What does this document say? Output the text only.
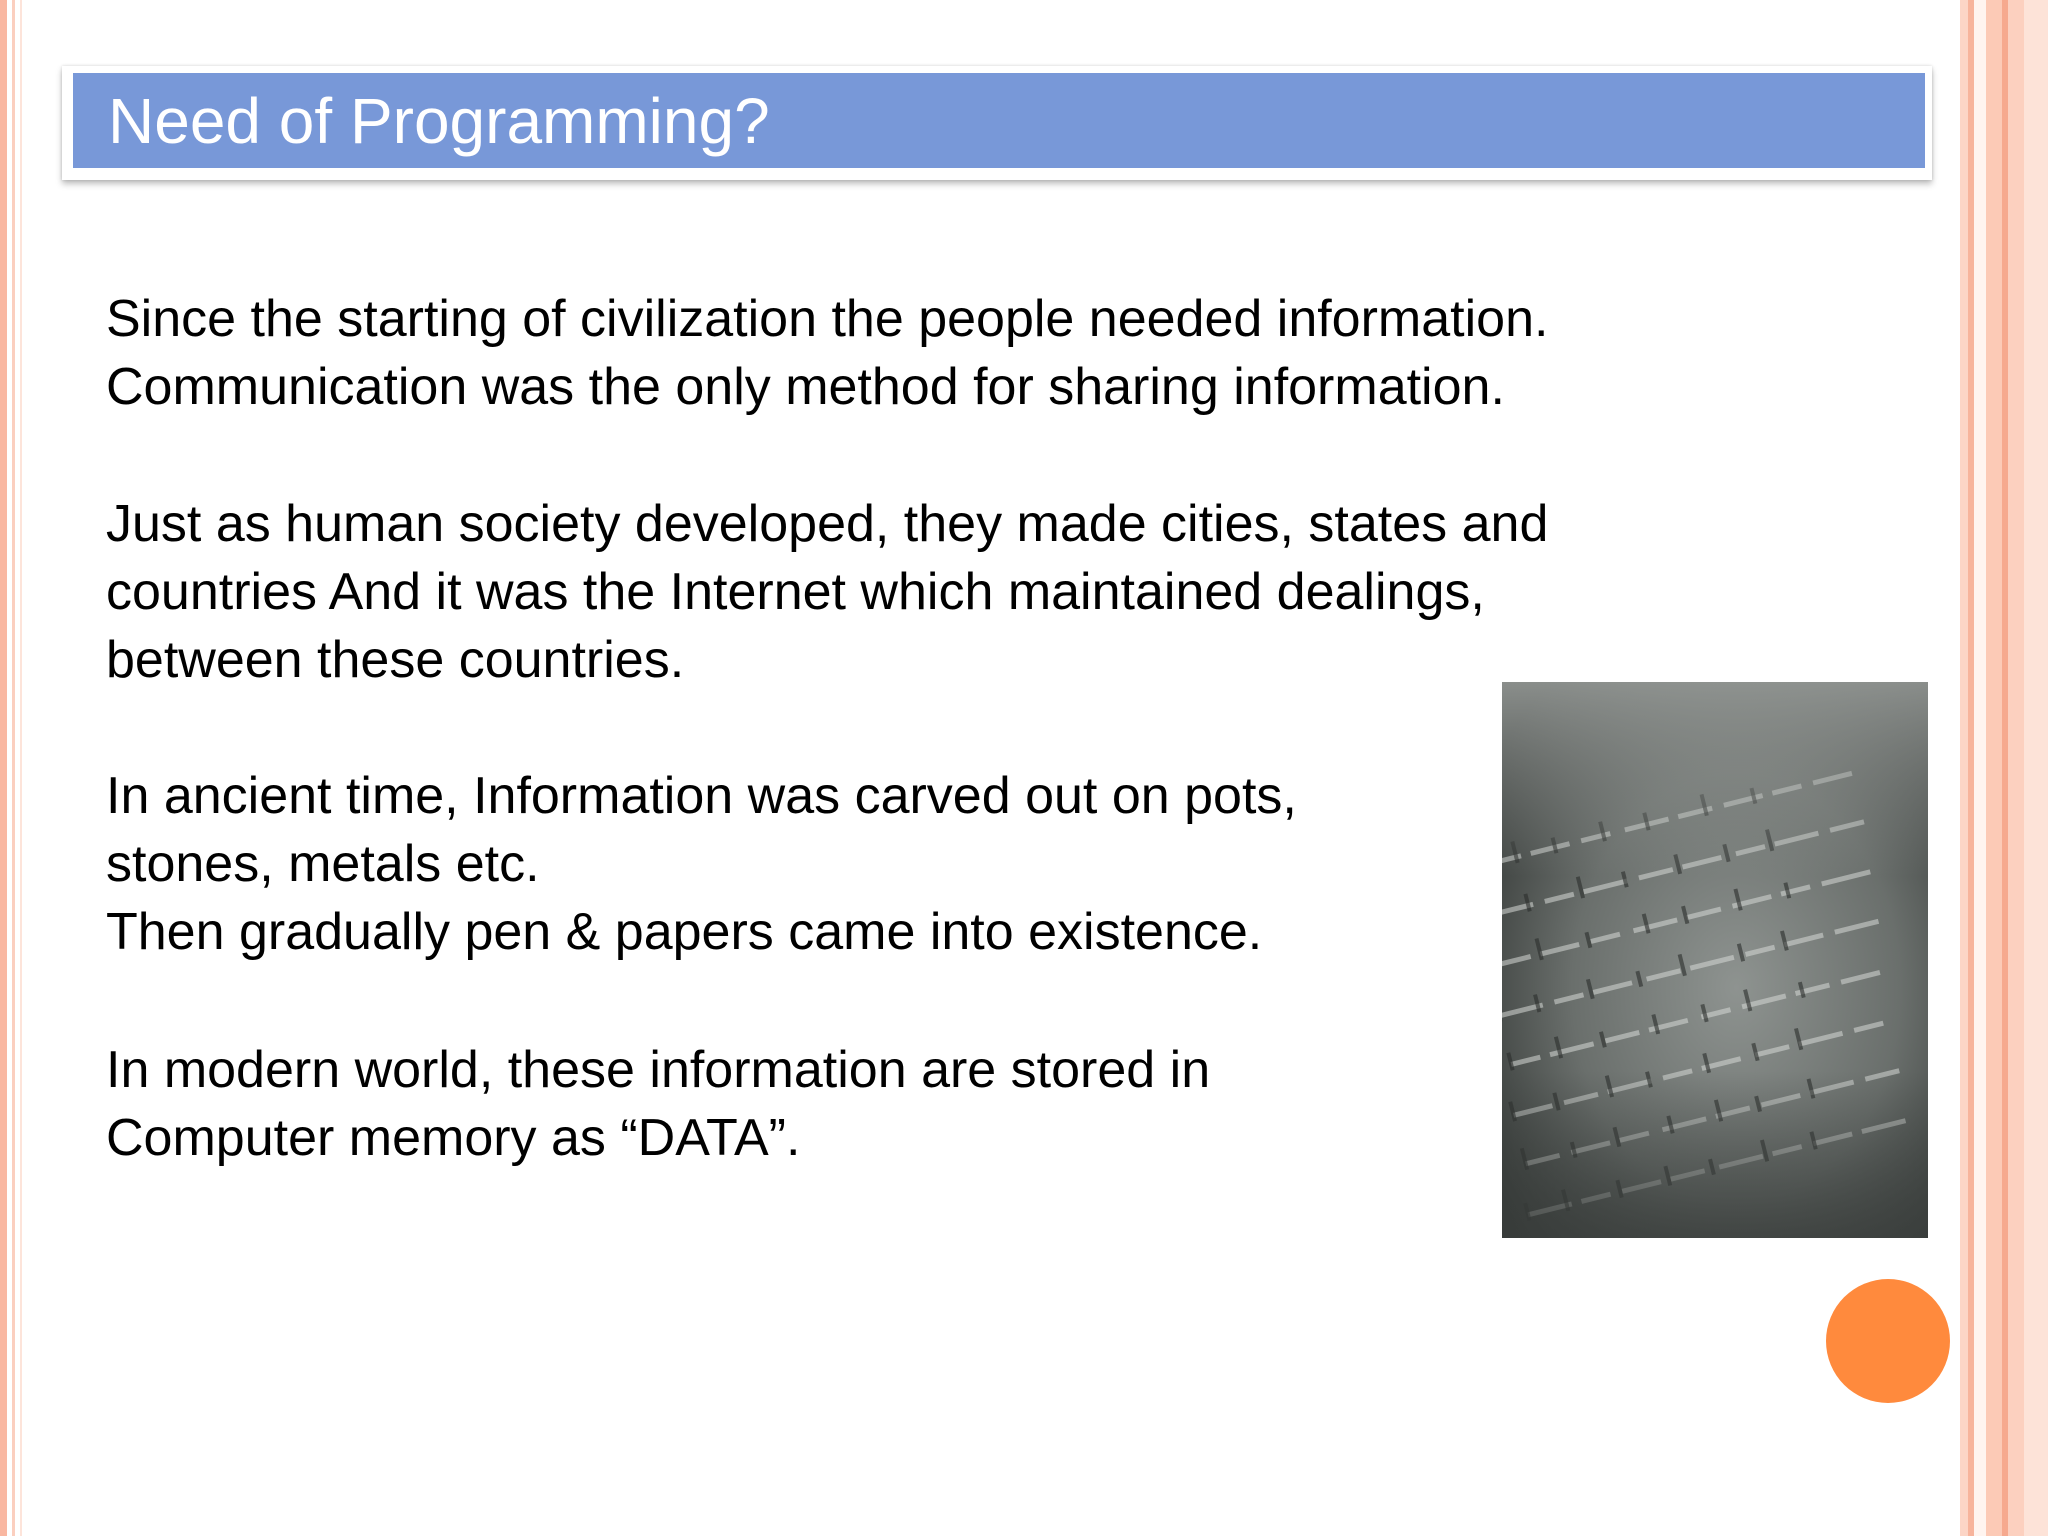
Need of Programming?
Since the starting of civilization the people needed information.
Communication was the only method for sharing information.
Just as human society developed, they made cities, states and
countries And it was the Internet which maintained dealings,
between these countries.
In ancient time, Information was carved out on pots,
stones, metals etc.
Then gradually pen & papers came into existence.
In modern world, these information are stored in
Computer memory as “DATA”.
